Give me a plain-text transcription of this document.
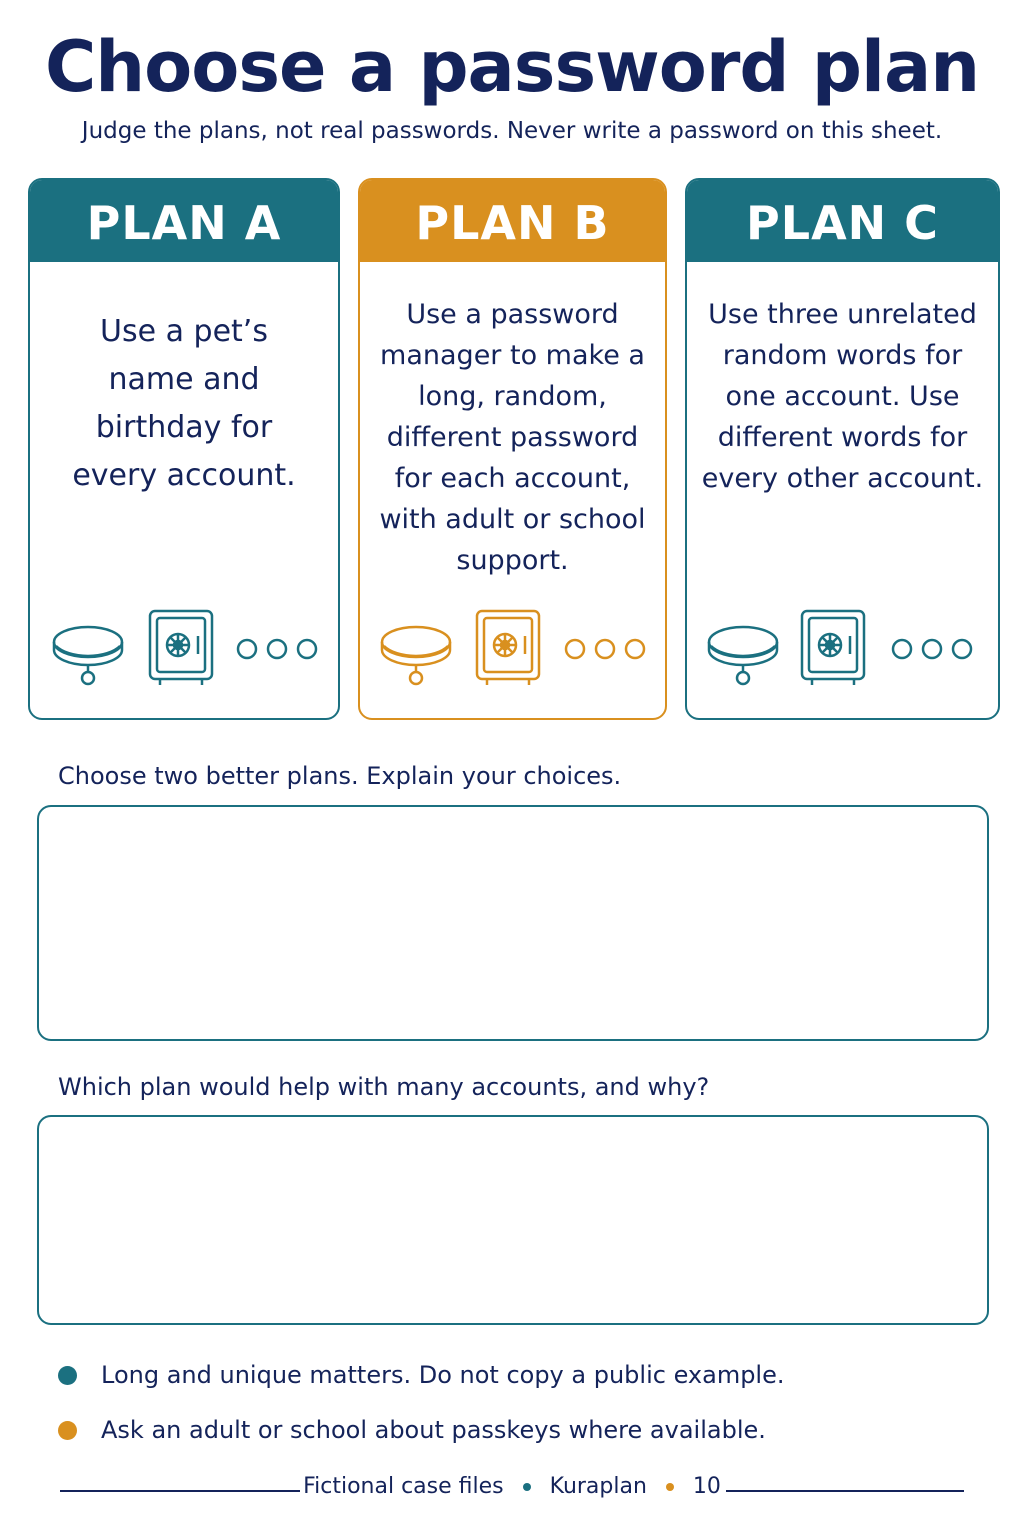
Choose a password plan
Judge the plans, not real passwords. Never write a password on this sheet.
PLAN A
Use a pet’s name and birthday for every account.
PLAN B
Use a password manager to make a long, random, different password for each account, with adult or school support.
PLAN C
Use three unrelated random words for one account. Use different words for every other account.
Choose two better plans. Explain your choices.
Which plan would help with many accounts, and why?
Long and unique matters. Do not copy a public example.
Ask an adult or school about passkeys where available.
Fictional case files Kuraplan 10
